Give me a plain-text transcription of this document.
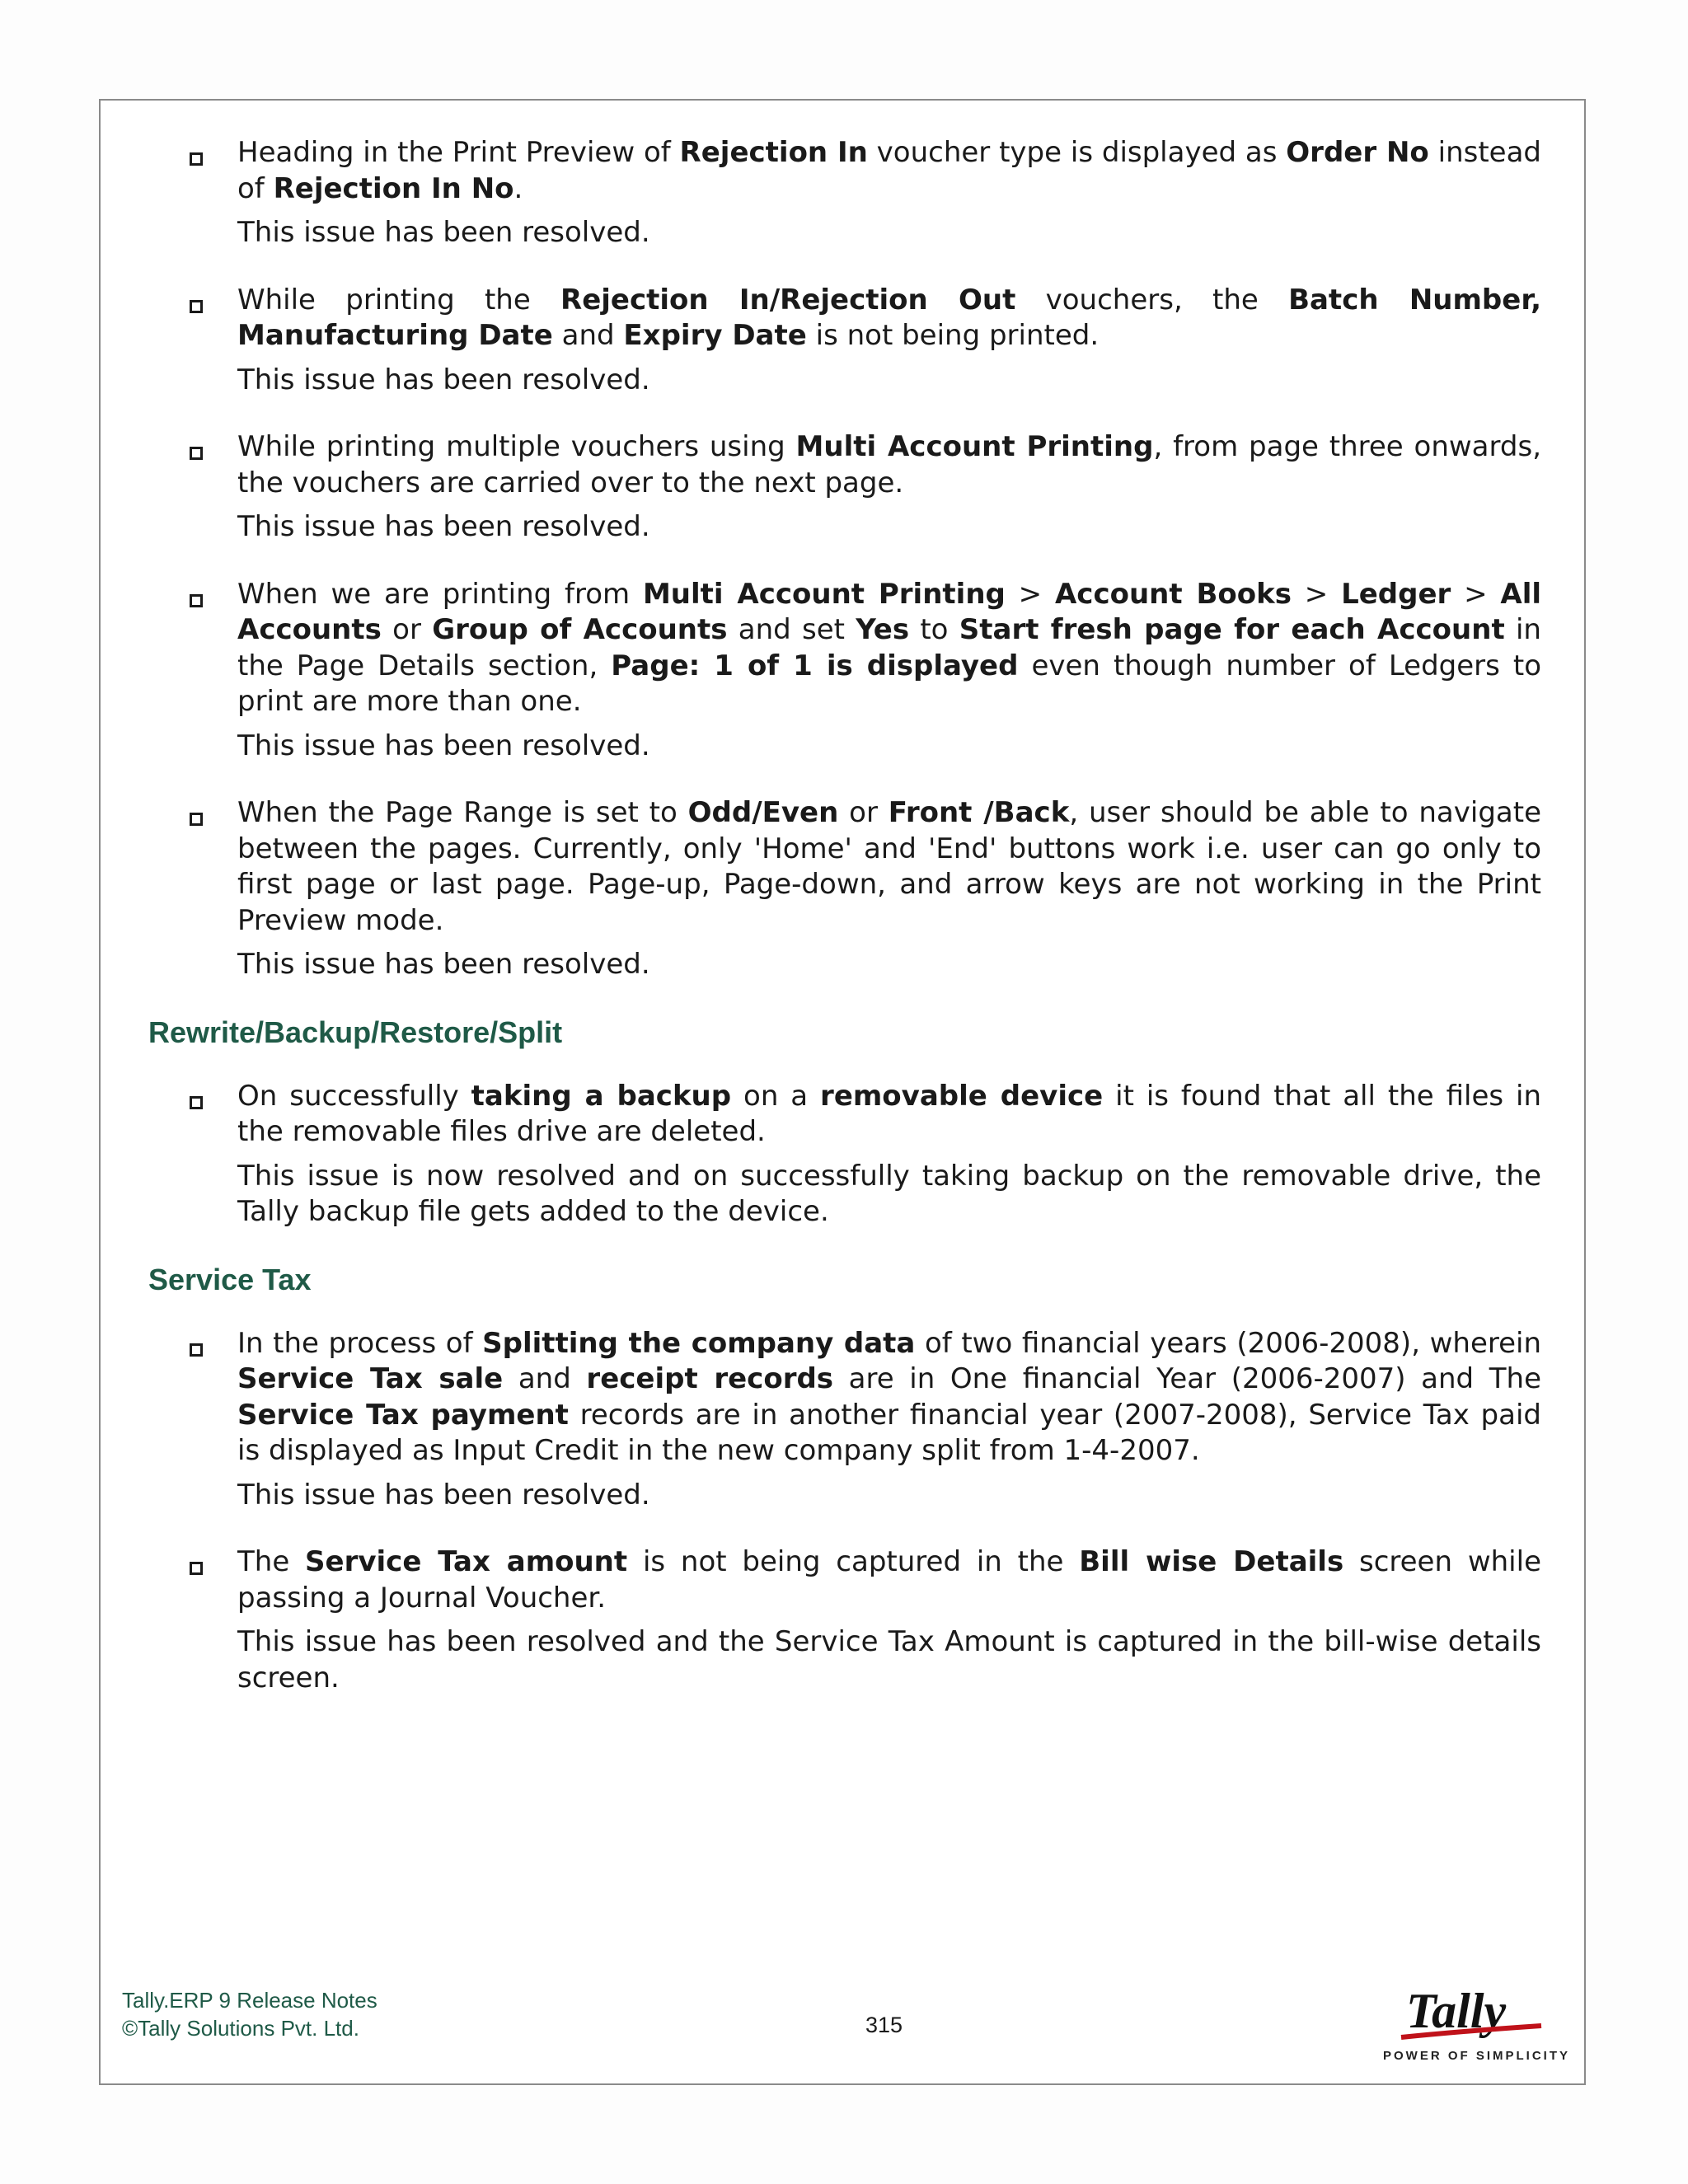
Heading in the Print Preview of Rejection In voucher type is displayed as Order No instead of Rejection In No.

This issue has been resolved.

While printing the Rejection In/Rejection Out vouchers, the Batch Number, Manufacturing Date and Expiry Date is not being printed.

This issue has been resolved.

While printing multiple vouchers using Multi Account Printing, from page three onwards, the vouchers are carried over to the next page.

This issue has been resolved.

When we are printing from Multi Account Printing > Account Books > Ledger > All Accounts or Group of Accounts and set Yes to Start fresh page for each Account in the Page Details section, Page: 1 of 1 is displayed even though number of Ledgers to print are more than one.

This issue has been resolved.

When the Page Range is set to Odd/Even or Front /Back, user should be able to navigate between the pages. Currently, only 'Home' and 'End' buttons work i.e. user can go only to first page or last page. Page-up, Page-down, and arrow keys are not working in the Print Preview mode.

This issue has been resolved.

Rewrite/Backup/Restore/Split

On successfully taking a backup on a removable device it is found that all the files in the removable files drive are deleted.

This issue is now resolved and on successfully taking backup on the removable drive, the Tally backup file gets added to the device.

Service Tax

In the process of Splitting the company data of two financial years (2006-2008), wherein Service Tax sale and receipt records are in One financial Year (2006-2007) and The Service Tax payment records are in another financial year (2007-2008), Service Tax paid is displayed as Input Credit in the new company split from 1-4-2007.

This issue has been resolved.

The Service Tax amount is not being captured in the Bill wise Details screen while passing a Journal Voucher.

This issue has been resolved and the Service Tax Amount is captured in the bill-wise details screen.

Tally.ERP 9 Release Notes
©Tally Solutions Pvt. Ltd.	315	Tally
POWER OF SIMPLICITY
